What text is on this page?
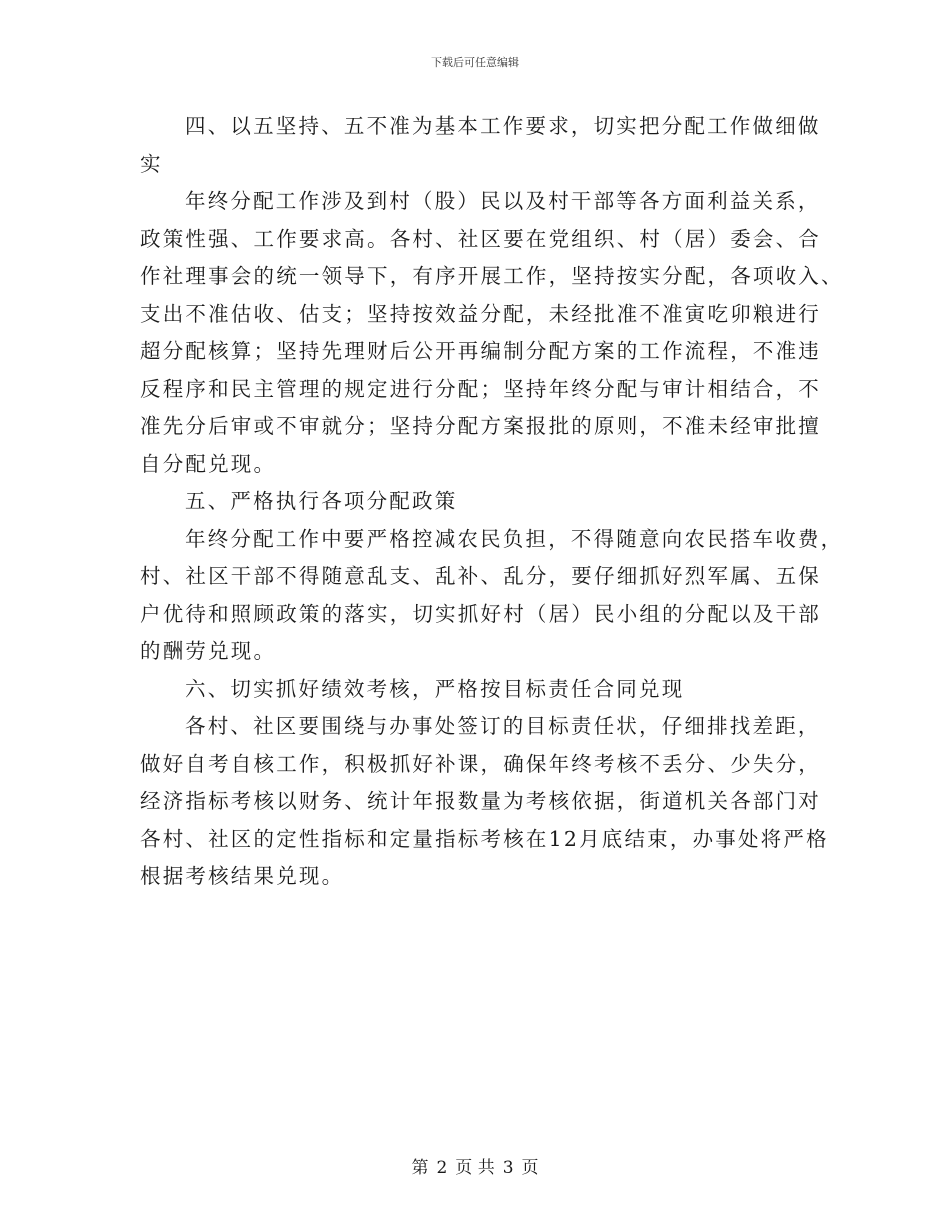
下载后可任意编辑
四、以五坚持、五不准为基本工作要求，切实把分配工作做细做
实
年终分配工作涉及到村（股）民以及村干部等各方面利益关系，
政策性强、工作要求高。各村、社区要在党组织、村（居）委会、合
作社理事会的统一领导下，有序开展工作，坚持按实分配，各项收入、
支出不准估收、估支；坚持按效益分配，未经批准不准寅吃卯粮进行
超分配核算；坚持先理财后公开再编制分配方案的工作流程，不准违
反程序和民主管理的规定进行分配；坚持年终分配与审计相结合，不
准先分后审或不审就分；坚持分配方案报批的原则，不准未经审批擅
自分配兑现。
五、严格执行各项分配政策
年终分配工作中要严格控减农民负担，不得随意向农民搭车收费，
村、社区干部不得随意乱支、乱补、乱分，要仔细抓好烈军属、五保
户优待和照顾政策的落实，切实抓好村（居）民小组的分配以及干部
的酬劳兑现。
六、切实抓好绩效考核，严格按目标责任合同兑现
各村、社区要围绕与办事处签订的目标责任状，仔细排找差距，
做好自考自核工作，积极抓好补课，确保年终考核不丢分、少失分，
经济指标考核以财务、统计年报数量为考核依据，街道机关各部门对
各村、社区的定性指标和定量指标考核在12月底结束，办事处将严格
根据考核结果兑现。
第 2 页 共 3 页
